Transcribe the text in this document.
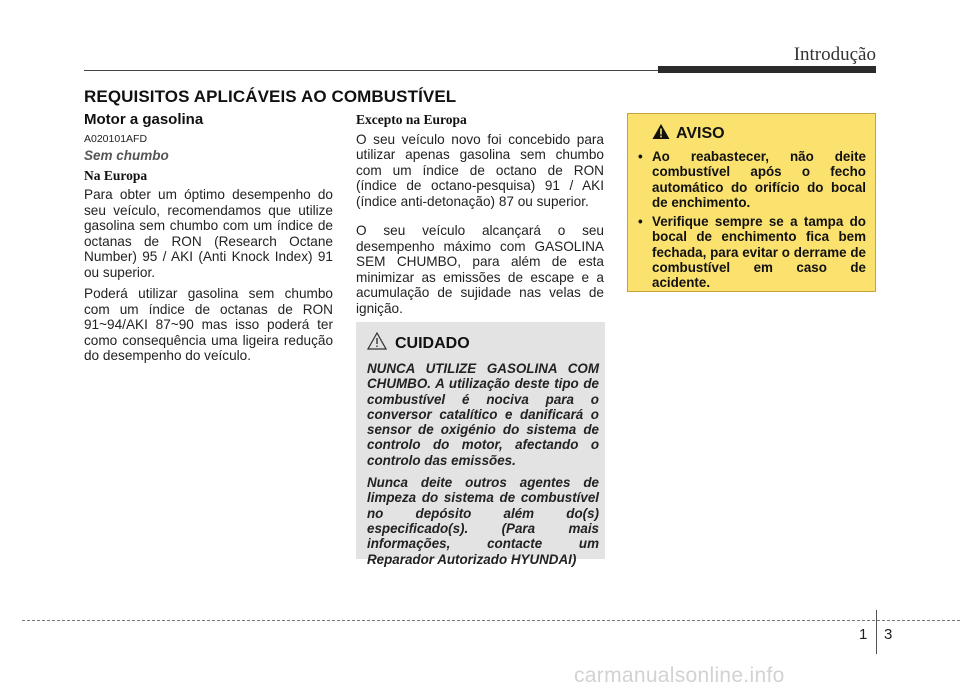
Introdução
REQUISITOS APLICÁVEIS AO COMBUSTÍVEL
Motor a gasolina
A020101AFD
Sem chumbo
Na Europa

Para obter um óptimo desempenho do seu veículo, recomendamos que utilize gasolina sem chumbo com um índice de octanas de RON (Research Octane Number) 95 / AKI (Anti Knock Index) 91 ou superior.

Poderá utilizar gasolina sem chumbo com um índice de octanas de RON 91~94/AKI 87~90 mas isso poderá ter como consequência uma ligeira redução do desempenho do veículo.

Excepto na Europa

O seu veículo novo foi concebido para utilizar apenas gasolina sem chumbo com um índice de octano de RON (índice de octano-pesquisa) 91 / AKI (índice anti-detonação) 87 ou superior.

O seu veículo alcançará o seu desempenho máximo com GASOLINA SEM CHUMBO, para além de esta minimizar as emissões de escape e a acumulação de sujidade nas velas de ignição.

CUIDADO

NUNCA UTILIZE GASOLINA COM CHUMBO. A utilização deste tipo de combustível é nociva para o conversor catalítico e danificará o sensor de oxigénio do sistema de controlo do motor, afectando o controlo das emissões.

Nunca deite outros agentes de limpeza do sistema de combustível no depósito além do(s) especificado(s). (Para mais informações, contacte um Reparador Autorizado HYUNDAI)

AVISO
• Ao reabastecer, não deite combustível após o fecho automático do orifício do bocal de enchimento.
• Verifique sempre se a tampa do bocal de enchimento fica bem fechada, para evitar o derrame de combustível em caso de acidente.
1 3
carmanualsonline.info
